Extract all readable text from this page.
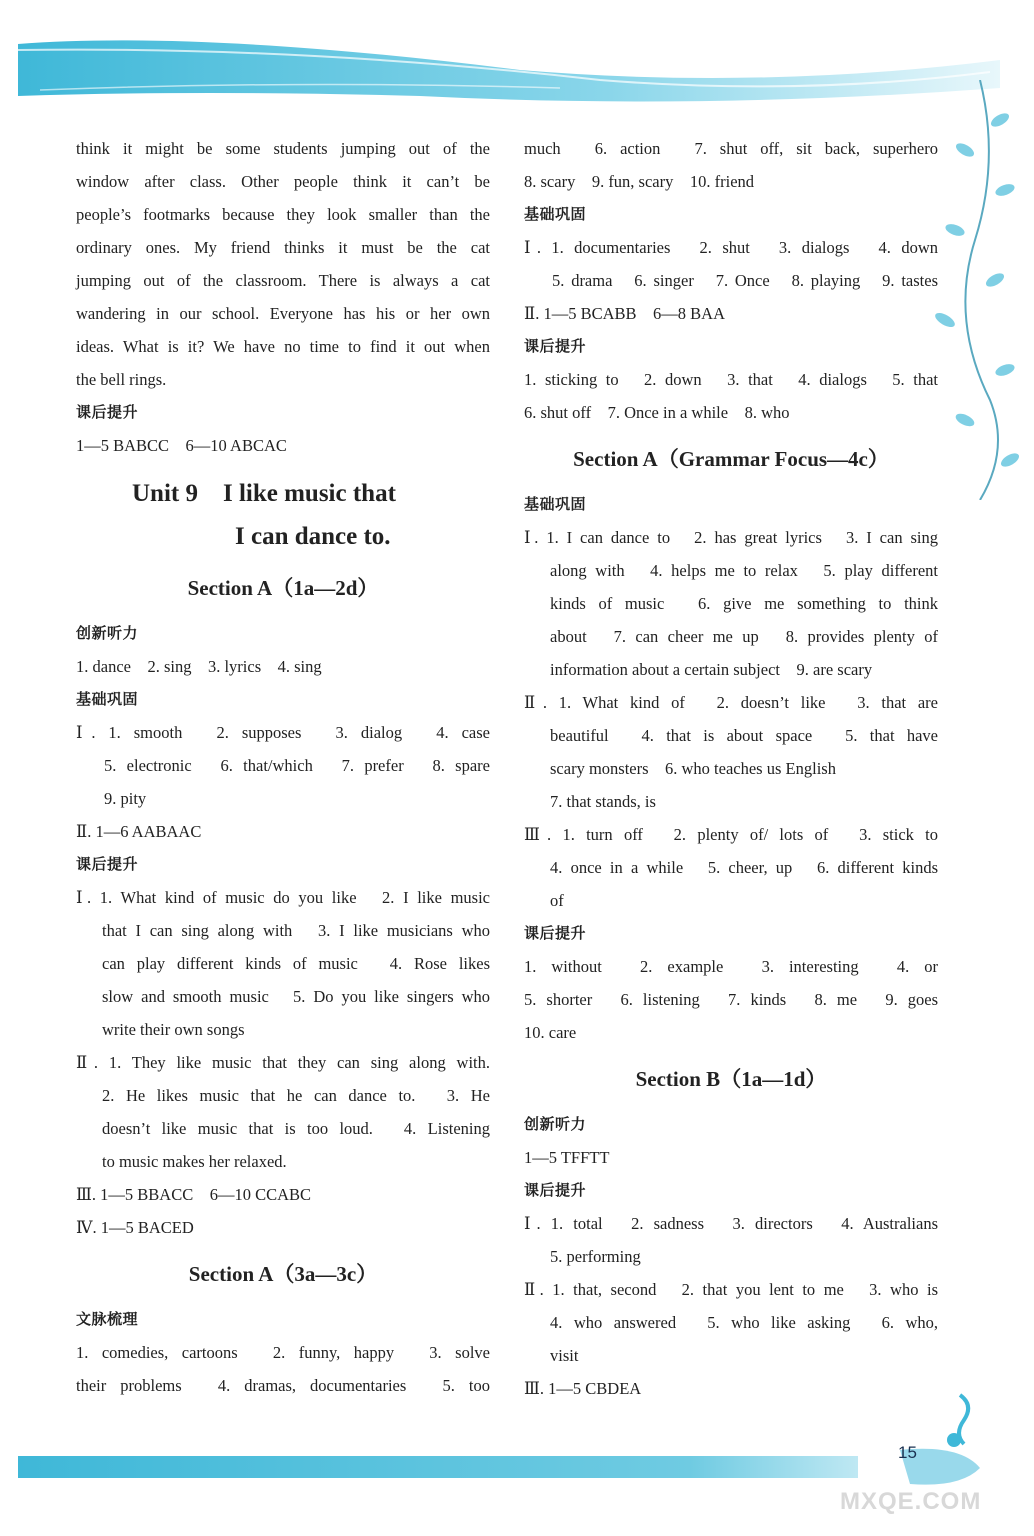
think it might be some students jumping out of the
window after class. Other people think it can’t be
people’s footmarks because they look smaller than the
ordinary ones. My friend thinks it must be the cat
jumping out of the classroom. There is always a cat
wandering in our school. Everyone has his or her own
ideas. What is it? We have no time to find it out when
the bell rings.
课后提升
1—5 BABCC　6—10 ABCAC
Unit 9　I like music that
I can dance to.
Section A（1a—2d）
创新听力
1. dance　2. sing　3. lyrics　4. sing
基础巩固
Ⅰ. 1. smooth　2. supposes　3. dialog　4. case
5. electronic　6. that/which　7. prefer　8. spare
9. pity
Ⅱ. 1—6 AABAAC
课后提升
Ⅰ. 1. What kind of music do you like　2. I like music
that I can sing along with　3. I like musicians who
can play different kinds of music　4. Rose likes
slow and smooth music　5. Do you like singers who
write their own songs
Ⅱ. 1. They like music that they can sing along with.
2. He likes music that he can dance to.　3. He
doesn’t like music that is too loud.　4. Listening
to music makes her relaxed.
Ⅲ. 1—5 BBACC　6—10 CCABC
Ⅳ. 1—5 BACED
Section A（3a—3c）
文脉梳理
1. comedies, cartoons　2. funny, happy　3. solve
their problems　4. dramas, documentaries　5. too
much　6. action　7. shut off, sit back, superhero
8. scary　9. fun, scary　10. friend
基础巩固
Ⅰ. 1. documentaries　2. shut　3. dialogs　4. down
5. drama　6. singer　7. Once　8. playing　9. tastes
Ⅱ. 1—5 BCABB　6—8 BAA
课后提升
1. sticking to　2. down　3. that　4. dialogs　5. that
6. shut off　7. Once in a while　8. who
Section A（Grammar Focus—4c）
基础巩固
Ⅰ. 1. I can dance to　2. has great lyrics　3. I can sing
along with　4. helps me to relax　5. play different
kinds of music　6. give me something to think
about　7. can cheer me up　8. provides plenty of
information about a certain subject　9. are scary
Ⅱ. 1. What kind of　2. doesn’t like　3. that are
beautiful　4. that is about space　5. that have
scary monsters　6. who teaches us English
7. that stands, is
Ⅲ. 1. turn off　2. plenty of/ lots of　3. stick to
4. once in a while　5. cheer, up　6. different kinds
of
课后提升
1. without　2. example　3. interesting　4. or
5. shorter　6. listening　7. kinds　8. me　9. goes
10. care
Section B（1a—1d）
创新听力
1—5 TFFTT
课后提升
Ⅰ. 1. total　2. sadness　3. directors　4. Australians
5. performing
Ⅱ. 1. that, second　2. that you lent to me　3. who is
4. who answered　5. who like asking　6. who,
visit
Ⅲ. 1—5 CBDEA
15
MXQE.COM
